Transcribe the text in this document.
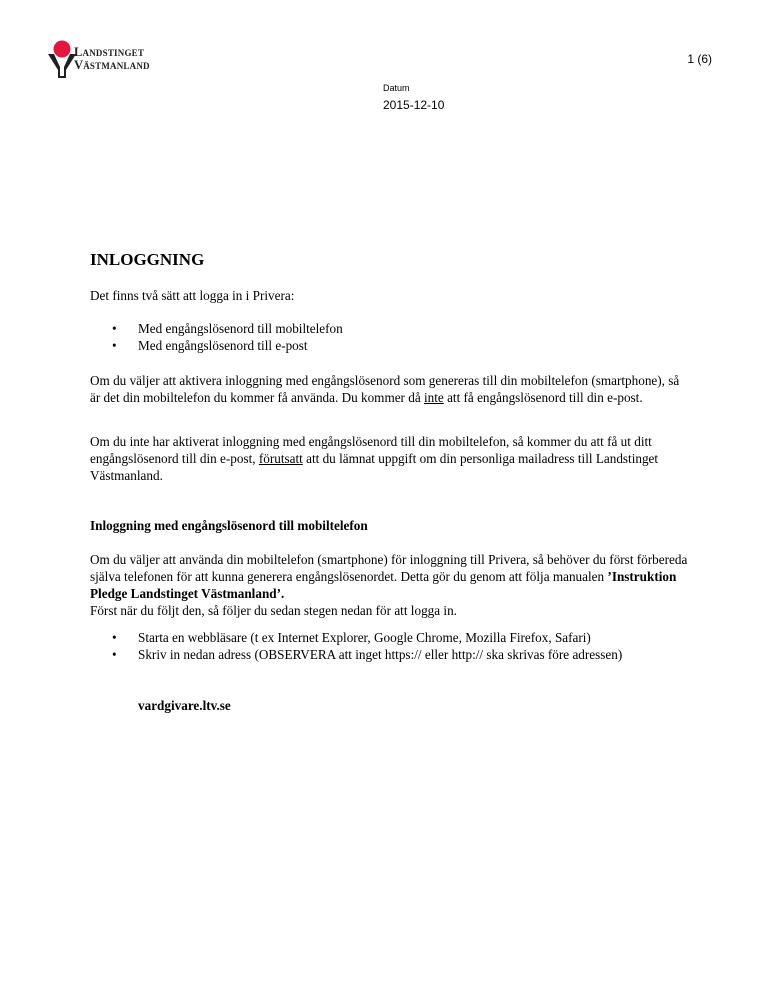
Landstinget
Västmanland	1 (6)
Datum
2015-12-10
INLOGGNING
Det finns två sätt att logga in i Privera:
• Med engångslösenord till mobiltelefon
• Med engångslösenord till e-post
Om du väljer att aktivera inloggning med engångslösenord som genereras till din mobiltelefon (smartphone), så är det din mobiltelefon du kommer få använda. Du kommer då inte att få engångslösenord till din e-post.
Om du inte har aktiverat inloggning med engångslösenord till din mobiltelefon, så kommer du att få ut ditt engångslösenord till din e-post, förutsatt att du lämnat uppgift om din personliga mailadress till Landstinget Västmanland.
Inloggning med engångslösenord till mobiltelefon
Om du väljer att använda din mobiltelefon (smartphone) för inloggning till Privera, så behöver du först förbereda själva telefonen för att kunna generera engångslösenordet. Detta gör du genom att följa manualen ’Instruktion Pledge Landstinget Västmanland’.
Först när du följt den, så följer du sedan stegen nedan för att logga in.
• Starta en webbläsare (t ex Internet Explorer, Google Chrome, Mozilla Firefox, Safari)
• Skriv in nedan adress (OBSERVERA att inget https:// eller http:// ska skrivas före adressen)
vardgivare.ltv.se
